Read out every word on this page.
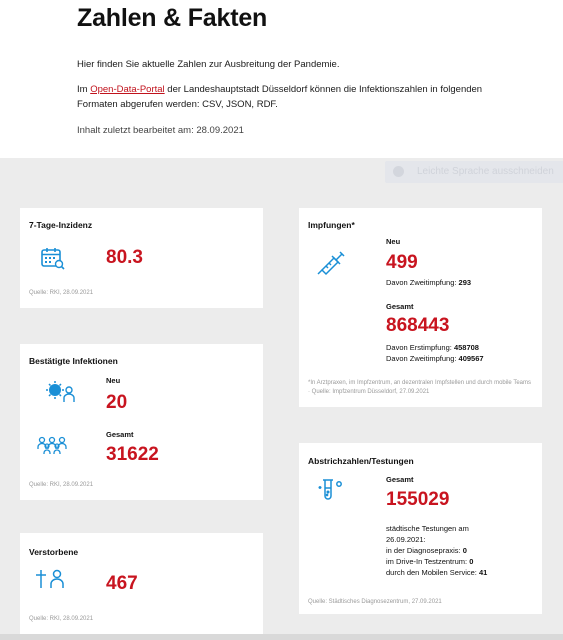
Zahlen & Fakten
Hier finden Sie aktuelle Zahlen zur Ausbreitung der Pandemie.
Im Open-Data-Portal der Landeshauptstadt Düsseldorf können die Infektionszahlen in folgenden Formaten abgerufen werden: CSV, JSON, RDF.
Inhalt zuletzt bearbeitet am: 28.09.2021
Leichte Sprache ausschneiden
7-Tage-Inzidenz
80.3
Quelle: RKI, 28.09.2021
Bestätigte Infektionen
Neu
20
Gesamt
31622
Quelle: RKI, 28.09.2021
Verstorbene
467
Quelle: RKI, 28.09.2021
Impfungen*
Neu
499
Davon Zweitimpfung: 293
Gesamt
868443
Davon Erstimpfung: 458708
Davon Zweitimpfung: 409567
*In Arztpraxen, im Impfzentrum, an dezentralen Impfstellen und durch mobile Teams · Quelle: Impfzentrum Düsseldorf, 27.09.2021
Abstrichzahlen/Testungen
Gesamt
155029
städtische Testungen am
26.09.2021:
in der Diagnosepraxis: 0
im Drive-In Testzentrum: 0
durch den Mobilen Service: 41
Quelle: Städtisches Diagnosezentrum, 27.09.2021
